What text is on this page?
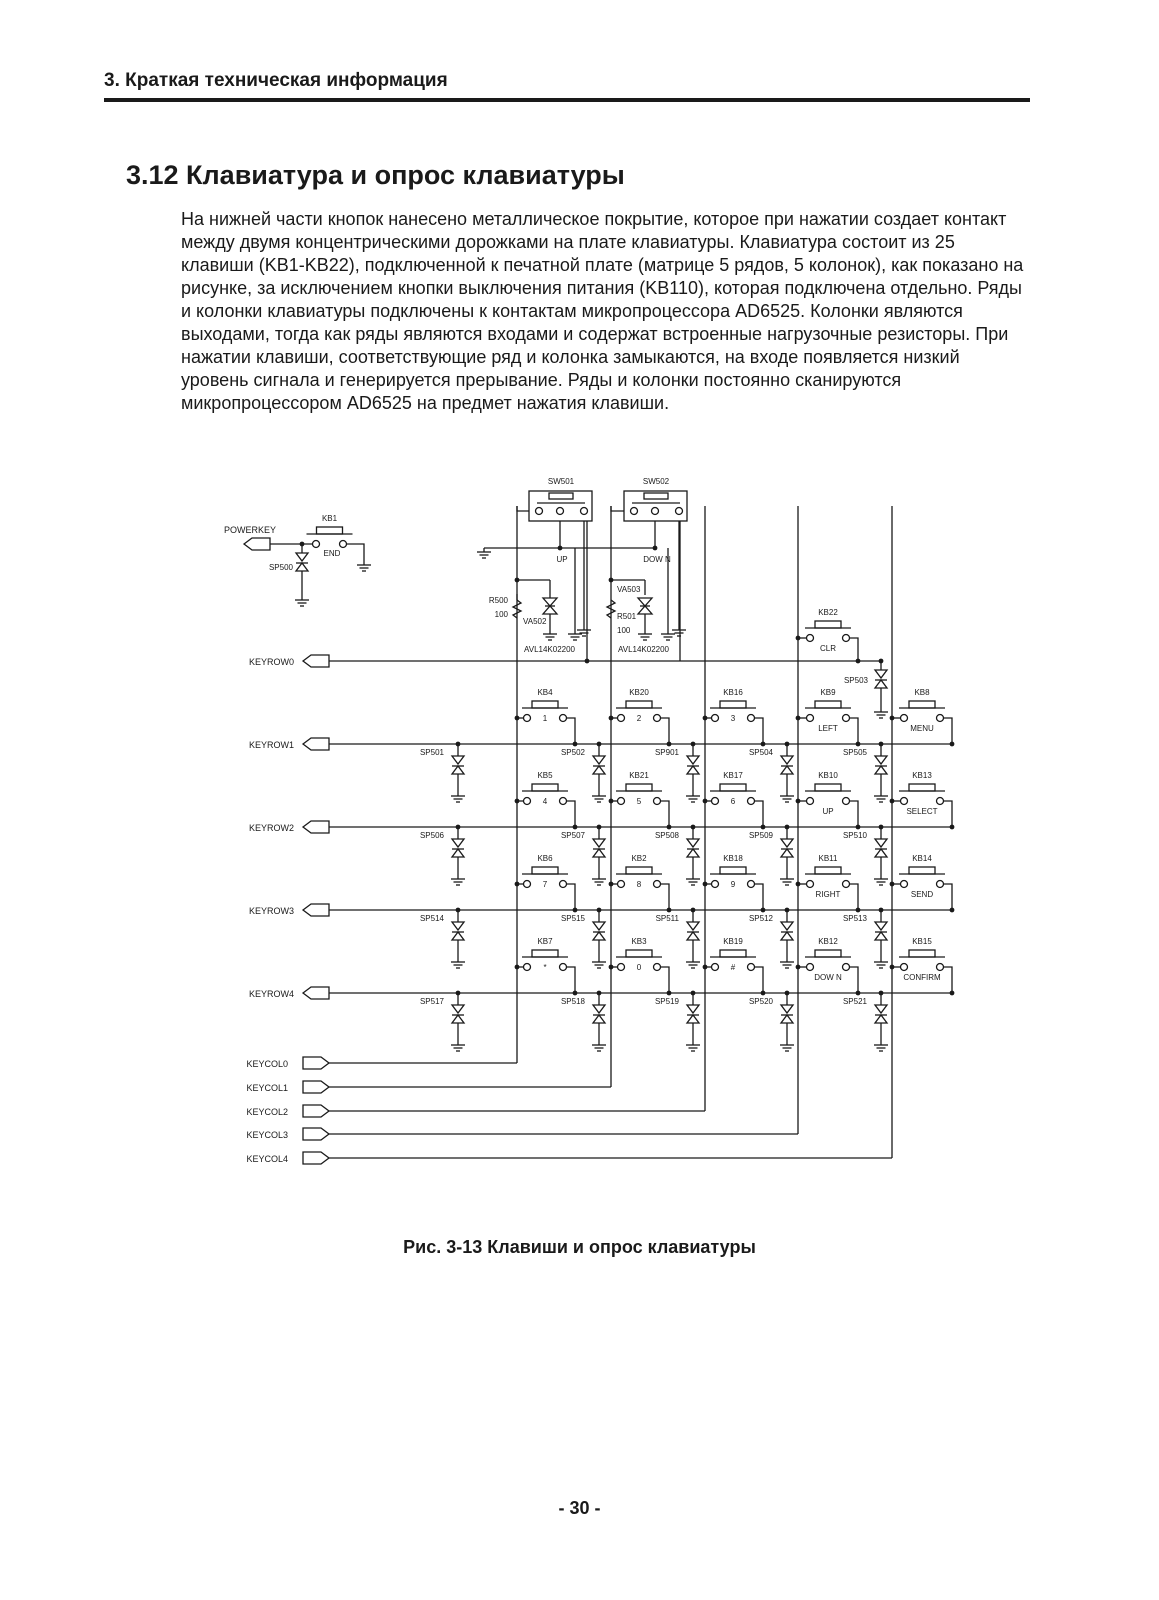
3. Краткая техническая информация
3.12 Клавиатура и опрос клавиатуры
На нижней части кнопок нанесено металлическое покрытие, которое при нажатии создает контакт между двумя концентрическими дорожками на плате клавиатуры. Клавиатура состоит из 25 клавиши (KB1-KB22), подключенной к печатной плате (матрице 5 рядов, 5 колонок), как показано на рисунке, за исключением кнопки выключения питания (KB110), которая подключена отдельно. Ряды и колонки клавиатуры подключены к контактам микропроцессора AD6525. Колонки являются выходами, тогда как ряды являются входами и содержат встроенные нагрузочные резисторы. При нажатии клавиши, соответствующие ряд и колонка замыкаются, на входе появляется низкий уровень сигнала и генерируется прерывание. Ряды и колонки постоянно сканируются микропроцессором AD6525 на предмет нажатия клавиши.
KEYROW0
KEYROW1
KEYROW2
KEYROW3
KEYROW4
KEYCOL0
KEYCOL1
KEYCOL2
KEYCOL3
KEYCOL4
KB4
1
KB20
2
KB16
3
KB9
LEFT
KB8
MENU
KB5
4
KB21
5
KB17
6
KB10
UP
KB13
SELECT
KB6
7
KB2
8
KB18
9
KB11
RIGHT
KB14
SEND
KB7
*
KB3
0
KB19
#
KB12
DOW N
KB15
CONFIRM
SP501	SP502	SP901	SP504	SP505
SP506	SP507	SP508	SP509	SP510
SP514	SP515	SP511	SP512	SP513
SP517	SP518	SP519	SP520	SP521
KB22
CLR
SP503
SW501
UP
SW502
DOW N
R500
100
VA502
AVL14K02200
VA503
R501
100
AVL14K02200
POWERKEY
KB1
END
SP500
Рис. 3-13 Клавиши и опрос клавиатуры
- 30 -
